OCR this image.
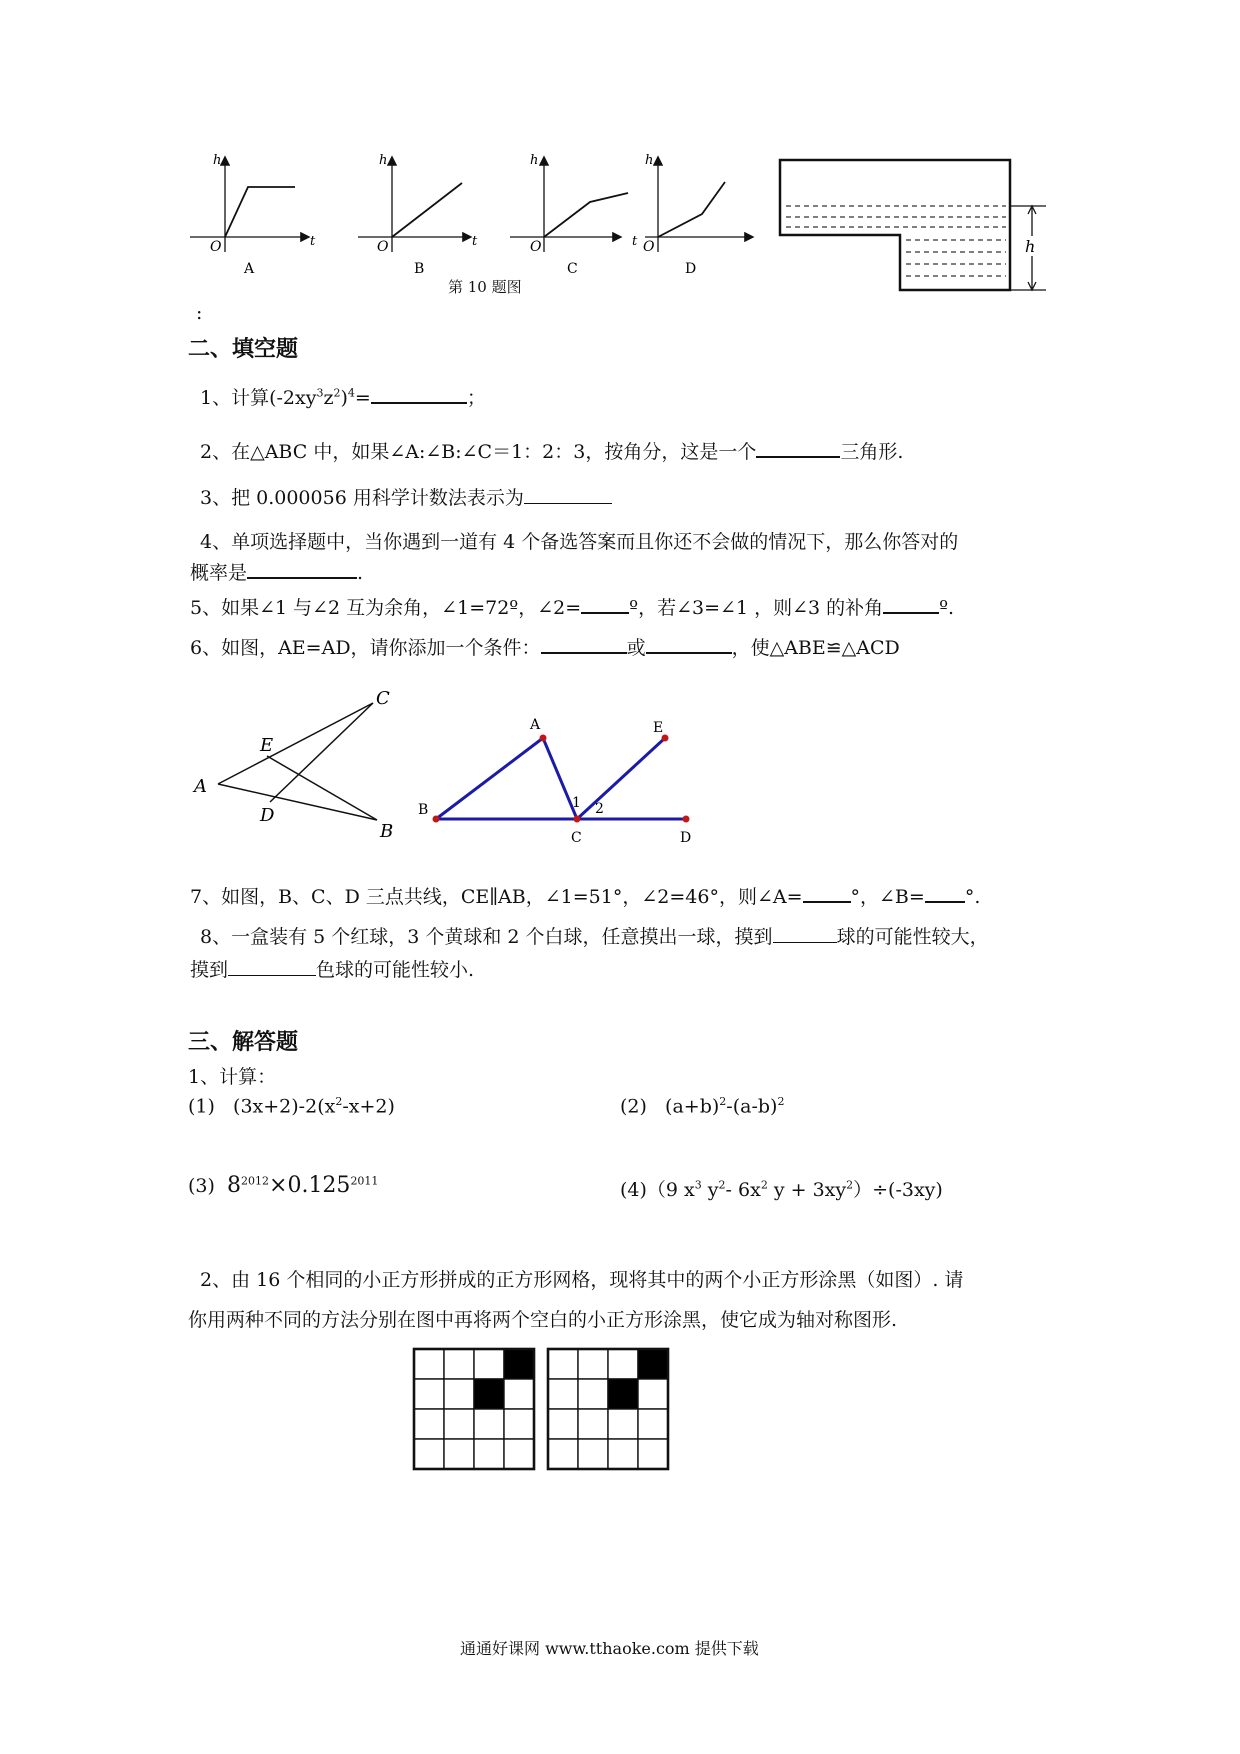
h
t
O
A
h
t
O
B
h
t
O
C
h
O
D
第 10 题图
h
:
二、填空题
1、计算$(-2xy^3z^2)^4=$	；
2、在△ABC 中，如果∠A:∠B:∠C＝1：2：3，按角分，这是一个	三角形.
3、把 0.000056 用科学计数法表示为
4、单项选择题中，当你遇到一道有 4 个备选答案而且你还不会做的情况下，那么你答对的
概率是	.
5、如果∠1 与∠2 互为余角，∠1=72º，∠2=	º，若∠3=∠1 ，则∠3 的补角	º.
6、如图，AE=AD，请你添加一个条件：	或	，使△ABE≌△ACD
C
E
A
D
B
A	E
B	1 2
C	D
7、如图，B、C、D 三点共线，CE∥AB，∠1=51°，∠2=46°，则∠A=	°，∠B= °.
8、一盒装有 5 个红球，3 个黄球和 2 个白球，任意摸出一球，摸到	球的可能性较大，
摸到	色球的可能性较小.
三、解答题
1、计算：
(1) $(3x+2)-2(x^2-x+2)$	(2) $(a+b)^2-(a-b)^2$
(3) $8^{2012}\times 0.125^{2011}$	(4)（9 $x^3$ $y^2-$ $6x^2$ $y + 3xy^2)\div(-3xy)$
2、由 16 个相同的小正方形拼成的正方形网格，现将其中的两个小正方形涂黑（如图）. 请
你用两种不同的方法分别在图中再将两个空白的小正方形涂黑，使它成为轴对称图形.
通通好课网 www.tthaoke.com 提供下载
